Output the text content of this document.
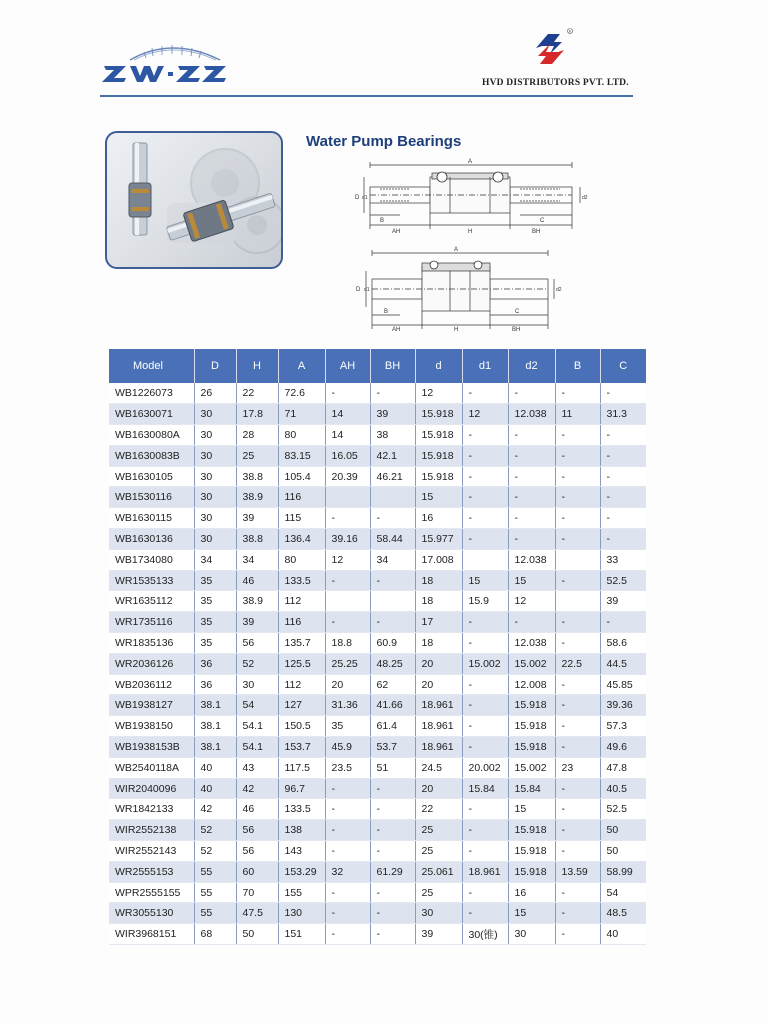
R
HVD DISTRIBUTORS PVT. LTD.
Water Pump Bearings
A
D d1	d2
B	C
AH	H	BH
A
D d1	d2
B	C
AH	H	BH
Model	D	H	A	AH	BH	d	d1	d2	B	C
WB1226073	26	22	72.6	-	-	12	-	-	-	-
WB1630071	30	17.8	71	14	39	15.918	12	12.038	11	31.3
WB1630080A	30	28	80	14	38	15.918	-	-	-	-
WB1630083B	30	25	83.15	16.05	42.1	15.918	-	-	-	-
WB1630105	30	38.8	105.4	20.39	46.21	15.918	-	-	-	-
WB1530116	30	38.9	116			15	-	-	-	-
WB1630115	30	39	115	-	-	16	-	-	-	-
WB1630136	30	38.8	136.4	39.16	58.44	15.977	-	-	-	-
WB1734080	34	34	80	12	34	17.008		12.038		33
WR1535133	35	46	133.5	-	-	18	15	15	-	52.5
WR1635112	35	38.9	112			18	15.9	12		39
WR1735116	35	39	116	-	-	17	-	-	-	-
WR1835136	35	56	135.7	18.8	60.9	18	-	12.038	-	58.6
WR2036126	36	52	125.5	25.25	48.25	20	15.002	15.002	22.5	44.5
WB2036112	36	30	112	20	62	20	-	12.008	-	45.85
WB1938127	38.1	54	127	31.36	41.66	18.961	-	15.918	-	39.36
WB1938150	38.1	54.1	150.5	35	61.4	18.961	-	15.918	-	57.3
WB1938153B	38.1	54.1	153.7	45.9	53.7	18.961	-	15.918	-	49.6
WB2540118A	40	43	117.5	23.5	51	24.5	20.002	15.002	23	47.8
WIR2040096	40	42	96.7	-	-	20	15.84	15.84	-	40.5
WR1842133	42	46	133.5	-	-	22	-	15	-	52.5
WIR2552138	52	56	138	-	-	25	-	15.918	-	50
WIR2552143	52	56	143	-	-	25	-	15.918	-	50
WR2555153	55	60	153.29	32	61.29	25.061	18.961	15.918	13.59	58.99
WPR2555155	55	70	155	-	-	25	-	16	-	54
WR3055130	55	47.5	130	-	-	30	-	15	-	48.5
WIR3968151	68	50	151	-	-	39	30(锥)	30	-	40
